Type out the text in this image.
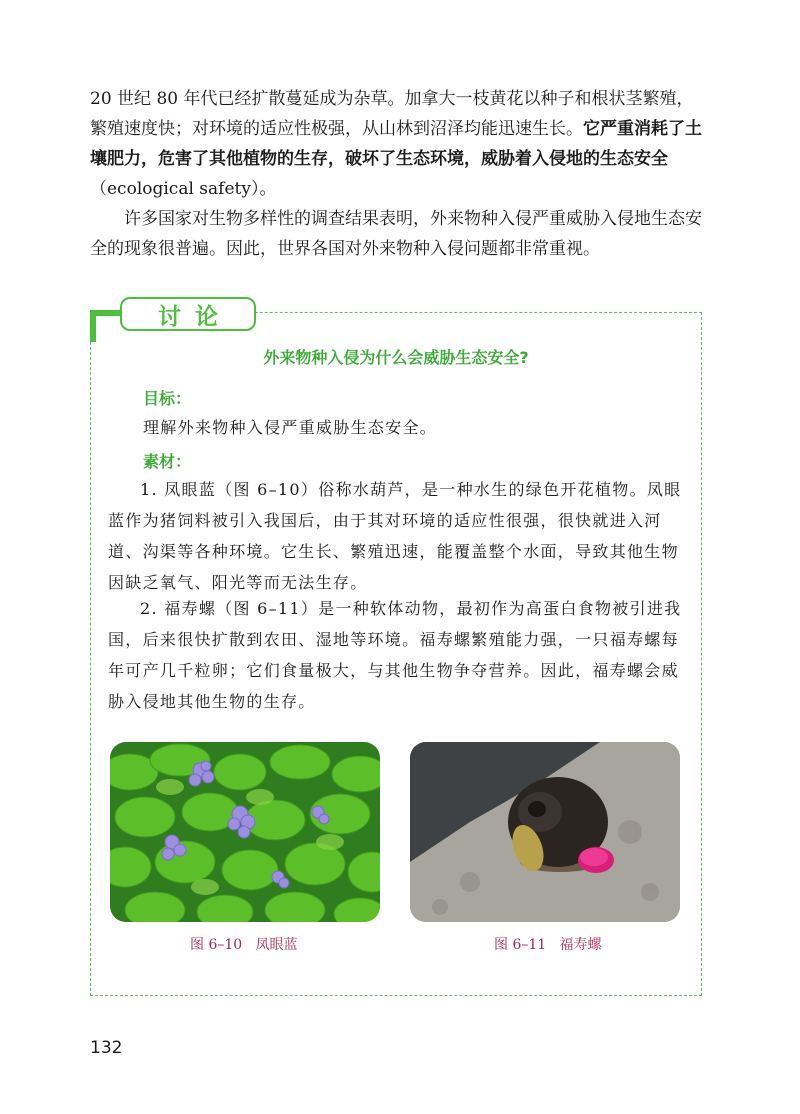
20 世纪 80 年代已经扩散蔓延成为杂草。加拿大一枝黄花以种子和根状茎繁殖，繁殖速度快；对环境的适应性极强，从山林到沼泽均能迅速生长。它严重消耗了土壤肥力，危害了其他植物的生存，破坏了生态环境，威胁着入侵地的生态安全（ecological safety）。

许多国家对生物多样性的调查结果表明，外来物种入侵严重威胁入侵地生态安全的现象很普遍。因此，世界各国对外来物种入侵问题都非常重视。

讨论
外来物种入侵为什么会威胁生态安全?
目标：

理解外来物种入侵严重威胁生态安全。

素材：

1. 凤眼蓝（图 6–10）俗称水葫芦，是一种水生的绿色开花植物。凤眼蓝作为猪饲料被引入我国后，由于其对环境的适应性很强，很快就进入河道、沟渠等各种环境。它生长、繁殖迅速，能覆盖整个水面，导致其他生物因缺乏氧气、阳光等而无法生存。

2. 福寿螺（图 6–11）是一种软体动物，最初作为高蛋白食物被引进我国，后来很快扩散到农田、湿地等环境。福寿螺繁殖能力强，一只福寿螺每年可产几千粒卵；它们食量极大，与其他生物争夺营养。因此，福寿螺会威胁入侵地其他生物的生存。

图 6–10   凤眼蓝	图 6–11   福寿螺
132
